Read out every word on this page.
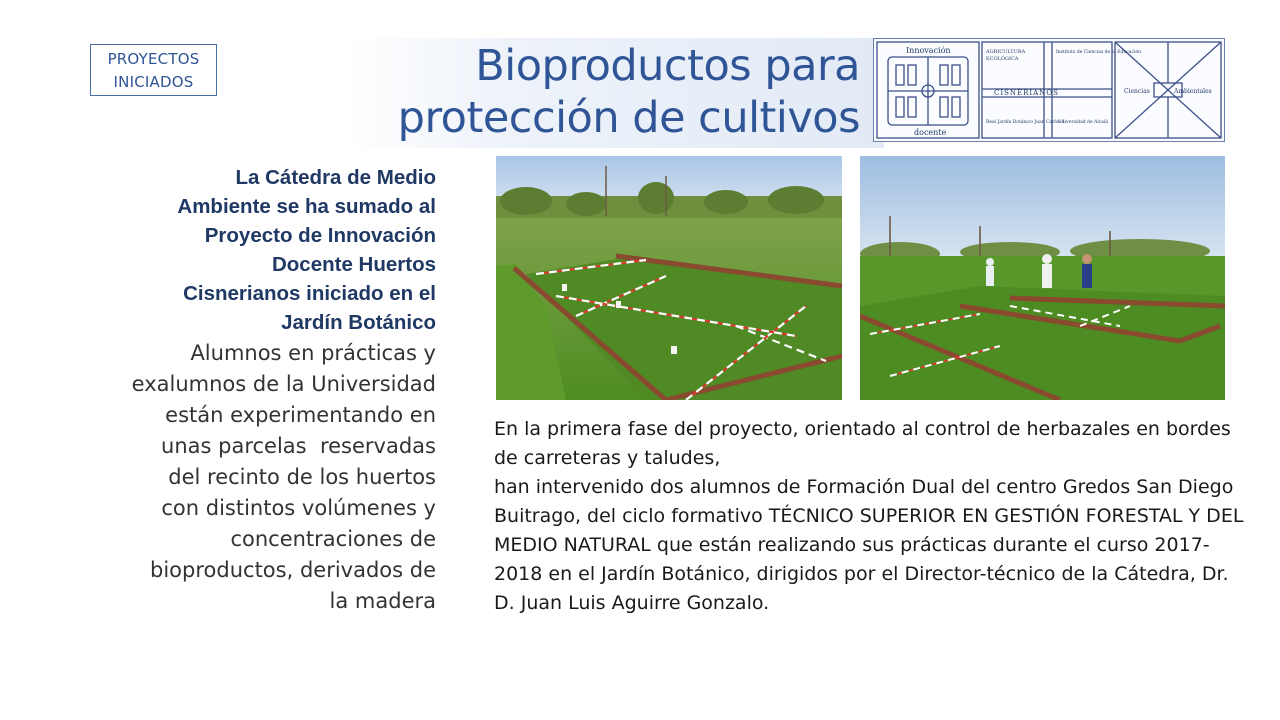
PROYECTOS
INICIADOS	Bioproductos para
protección de cultivos
Innovación
docente
AGRICULTURA
ECOLÓGICA
Instituto de Ciencias de la Educación
CISNERIANOS	Ciencias	Ambientales
Real Jardín Botánico Juan Carlos I
Universidad de Alcalá
La Cátedra de Medio
Ambiente se ha sumado al
Proyecto de Innovación
Docente Huertos
Cisnerianos iniciado en el
Jardín Botánico
Alumnos en prácticas y
exalumnos de la Universidad
están experimentando en
unas parcelas  reservadas
del recinto de los huertos
con distintos volúmenes y
concentraciones de
bioproductos, derivados de
la madera

En la primera fase del proyecto, orientado al control de herbazales en bordes de carreteras y taludes,

han intervenido dos alumnos de Formación Dual del centro Gredos San Diego Buitrago, del ciclo formativo TÉCNICO SUPERIOR EN GESTIÓN FORESTAL Y DEL MEDIO NATURAL que están realizando sus prácticas durante el curso 2017-2018 en el Jardín Botánico, dirigidos por el Director-técnico de la Cátedra, Dr. D. Juan Luis Aguirre Gonzalo.
